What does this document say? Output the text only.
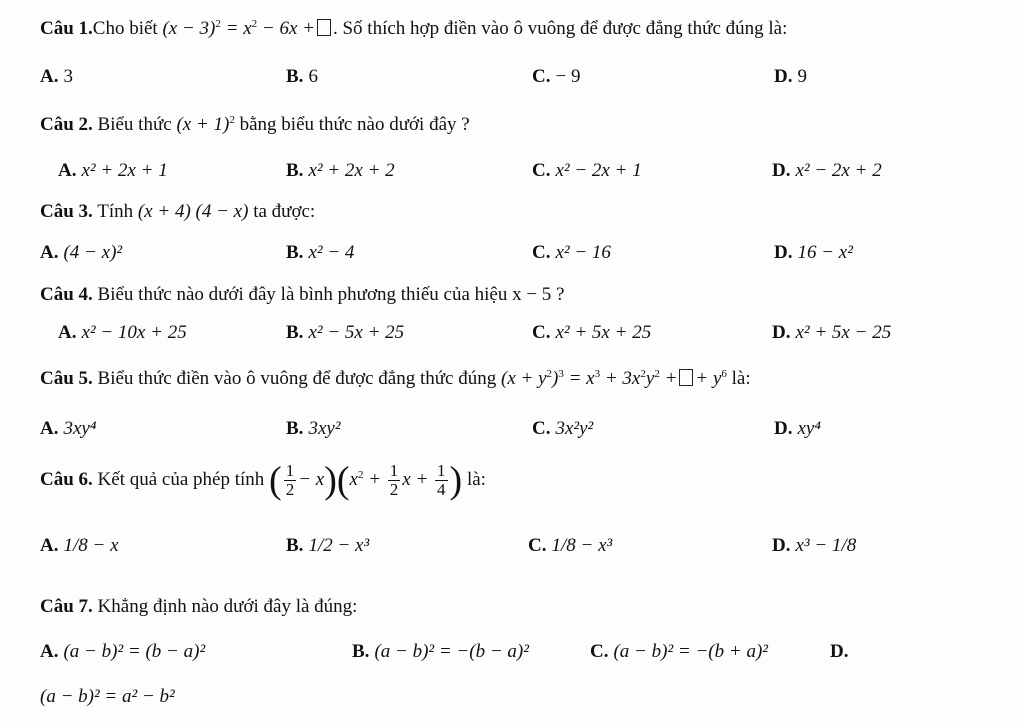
Câu 1.Cho biết $(x - 3)^2 = x^2 - 6x$ + . Số thích hợp điền vào ô vuông để được đẳng thức đúng là:
A. 3	B. 6	C. − 9	D. 9
Câu 2. Biểu thức $(x + 1)^2$ bằng biểu thức nào dưới đây ?
A. x² + 2x + 1	B. x² + 2x + 2	C. x² − 2x + 1	D. x² − 2x + 2
Câu 3. Tính (x + 4) (4 − x) ta được:
A. (4 − x)²	B. x² − 4	C. x² − 16	D. 16 − x²
Câu 4. Biểu thức nào dưới đây là bình phương thiếu của hiệu x − 5 ?
A. x² − 10x + 25	B. x² − 5x + 25	C. x² + 5x + 25	D. x² + 5x − 25
Câu 5. Biểu thức điền vào ô vuông để được đẳng thức đúng $(x + y^2)^3 = x^3 + 3x^2y^2$ + + $y^6$ là:
A. 3xy⁴	B. 3xy²	C. 3x²y²	D. xy⁴
Câu 6. Kết quả của phép tính ( $\frac{1}{2} - x)(x^2 + \frac{1}{2}$ $x + \frac{1}{4}$ ) là:
A. 1/8 − x	B. 1/2 − x³	C. 1/8 − x³	D. x³ − 1/8
Câu 7. Khẳng định nào dưới đây là đúng:
A. (a − b)² = (b − a)²	B. (a − b)² = −(b − a)²	C. (a − b)² = −(b + a)²	D.
(a − b)² = a² − b²
